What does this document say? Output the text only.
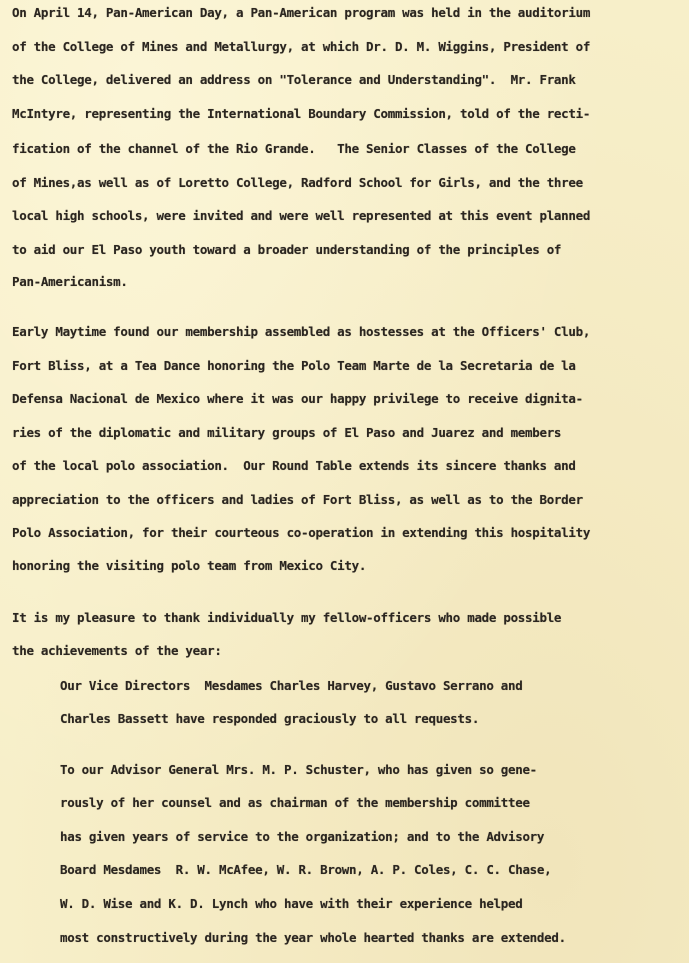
On April 14, Pan-American Day, a Pan-American program was held in the auditorium
of the College of Mines and Metallurgy, at which Dr. D. M. Wiggins, President of
the College, delivered an address on "Tolerance and Understanding".  Mr. Frank
McIntyre, representing the International Boundary Commission, told of the recti-
fication of the channel of the Rio Grande.   The Senior Classes of the College
of Mines,as well as of Loretto College, Radford School for Girls, and the three
local high schools, were invited and were well represented at this event planned
to aid our El Paso youth toward a broader understanding of the principles of
Pan-Americanism.
Early Maytime found our membership assembled as hostesses at the Officers' Club,
Fort Bliss, at a Tea Dance honoring the Polo Team Marte de la Secretaria de la
Defensa Nacional de Mexico where it was our happy privilege to receive dignita-
ries of the diplomatic and military groups of El Paso and Juarez and members
of the local polo association.  Our Round Table extends its sincere thanks and
appreciation to the officers and ladies of Fort Bliss, as well as to the Border
Polo Association, for their courteous co-operation in extending this hospitality
honoring the visiting polo team from Mexico City.
It is my pleasure to thank individually my fellow-officers who made possible
the achievements of the year:
Our Vice Directors  Mesdames Charles Harvey, Gustavo Serrano and
Charles Bassett have responded graciously to all requests.
To our Advisor General Mrs. M. P. Schuster, who has given so gene-
rously of her counsel and as chairman of the membership committee
has given years of service to the organization; and to the Advisory
Board Mesdames  R. W. McAfee, W. R. Brown, A. P. Coles, C. C. Chase,
W. D. Wise and K. D. Lynch who have with their experience helped
most constructively during the year whole hearted thanks are extended.
